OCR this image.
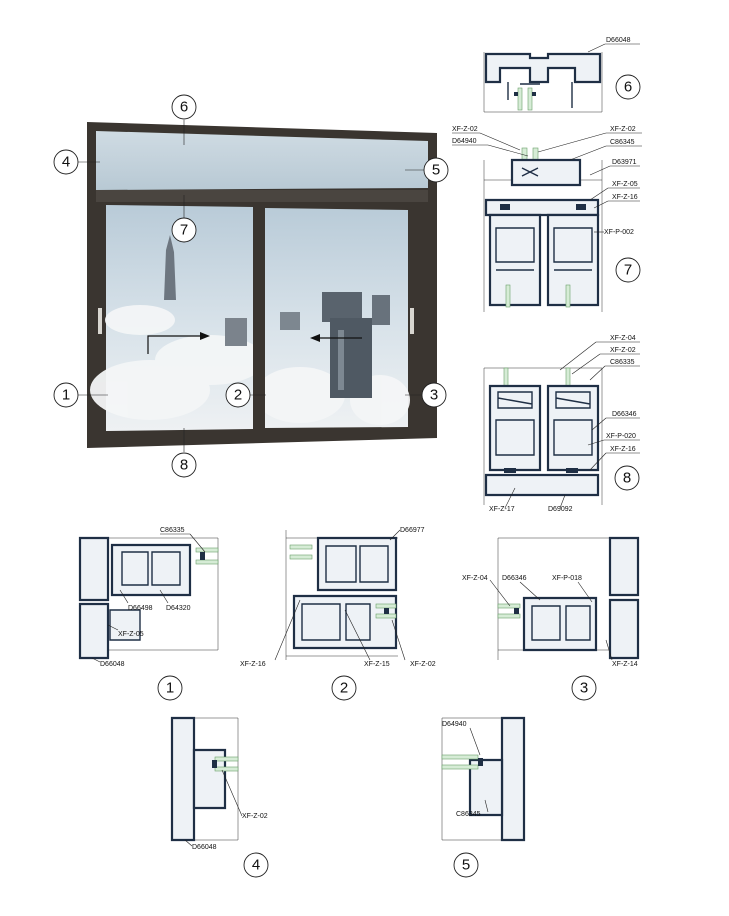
6
4	5
7
1	2	3
8
D66048
6
XF-Z-02
D64940
XF-Z-02
C86345
D63971
XF-Z-05
XF-Z-16
XF-P-002
7
XF-Z-04
XF-Z-02
C86335
D66346
XF-P-020
XF-Z-16
XF-Z-17	D69092
8
C86335
D66498 D64320
XF-Z-05
D66048
1
D66977
XF-Z-16	XF-Z-15	XF-Z-02
2
XF-Z-04 D66346	XF-P-018
XF-Z-14
3
XF-Z-02
D66048
4
D64940
C86345
5
